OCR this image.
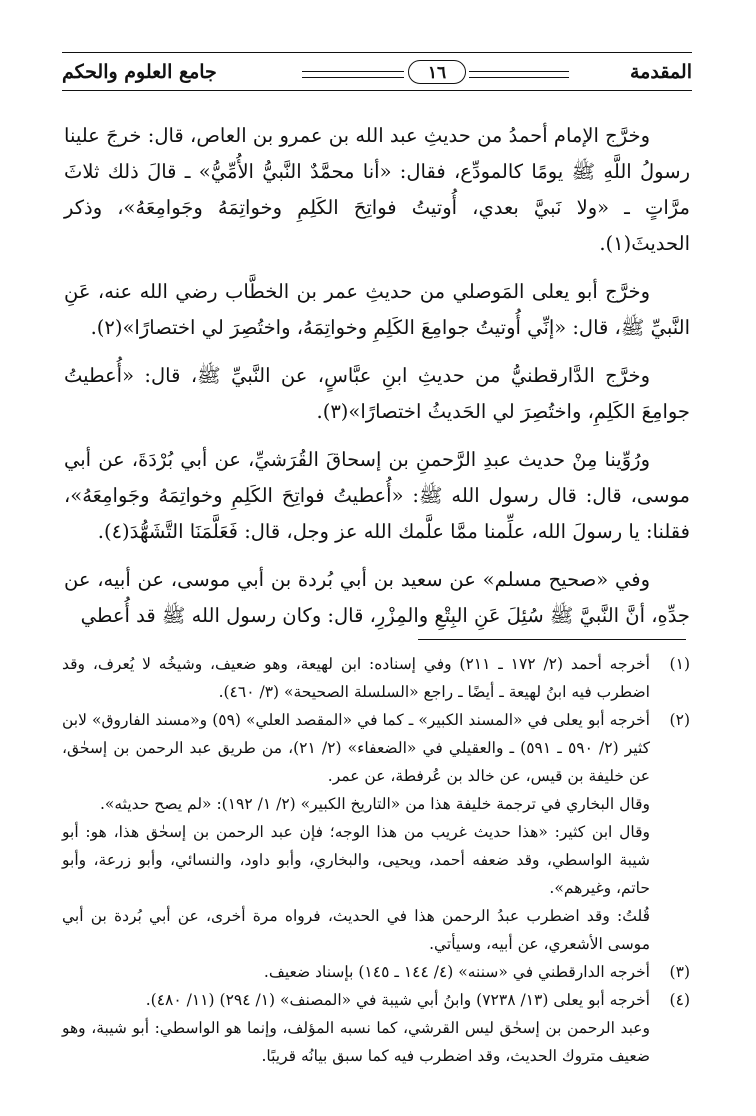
المقدمة
١٦
جامع العلوم والحكم

وخرَّج الإمام أحمدُ من حديثِ عبد الله بن عمرو بن العاص، قال: خرجَ علينا رسولُ اللَّهِ ﷺ يومًا كالمودِّع، فقال: «أنا محمَّدٌ النَّبيُّ الأُمِّيُّ» ـ قالَ ذلك ثلاثَ مرَّاتٍ ـ «ولا نَبيَّ بعدي، أُوتيتُ فواتِحَ الكَلِمِ وخواتِمَهُ وجَوامِعَهُ»، وذكر الحديثَ(١).

وخرَّج أبو يعلى المَوصلي من حديثِ عمر بن الخطَّاب رضي الله عنه، عَنِ النَّبيِّ ﷺ، قال: «إنِّي أُوتيتُ جوامِعَ الكَلِمِ وخواتِمَهُ، واختُصِرَ لي اختصارًا»(٢).

وخرَّج الدَّارقطنيُّ من حديثِ ابنِ عبَّاسٍ، عن النَّبيِّ ﷺ، قال: «أُعطيتُ جوامِعَ الكَلِمِ، واختُصِرَ لي الحَديثُ اختصارًا»(٣).

ورُوِّينا مِنْ حديث عبدِ الرَّحمنِ بن إسحاقَ القُرَشيِّ، عن أبي بُرْدَةَ، عن أبي موسى، قال: قال رسول الله ﷺ: «أُعطيتُ فواتِحَ الكَلِمِ وخواتِمَهُ وجَوامِعَهُ»، فقلنا: يا رسولَ الله، علِّمنا ممَّا علَّمك الله عز وجل، قال: فَعَلَّمَنَا التَّشَهُّدَ(٤).

وفي «صحيح مسلم» عن سعيد بن أبي بُردة بن أبي موسى، عن أبيه، عن جدِّهِ، أنَّ النَّبيَّ ﷺ سُئِلَ عَنِ البِتْعِ والمِزْرِ، قال: وكان رسول الله ﷺ قد أُعطي

(١)
أخرجه أحمد (٢/ ١٧٢ ـ ٢١١) وفي إسناده: ابن لهيعة، وهو ضعيف، وشيخُه لا يُعرف، وقد اضطرب فيه ابنُ لهيعة ـ أيضًا ـ راجع «السلسلة الصحيحة» (٣/ ٤٦٠).
(٢)
أخرجه أبو يعلى في «المسند الكبير» ـ كما في «المقصد العلي» (٥٩) و«مسند الفاروق» لابن كثير (٢/ ٥٩٠ ـ ٥٩١) ـ والعقيلي في «الضعفاء» (٢/ ٢١)، من طريق عبد الرحمن بن إسحٰق، عن خليفة بن قيس، عن خالد بن عُرفطة، عن عمر.
وقال البخاري في ترجمة خليفة هذا من «التاريخ الكبير» (٢/ ١/ ١٩٢): «لم يصح حديثه».
وقال ابن كثير: «هذا حديث غريب من هذا الوجه؛ فإن عبد الرحمن بن إسحٰق هذا، هو: أبو شيبة الواسطي، وقد ضعفه أحمد، ويحيى، والبخاري، وأبو داود، والنسائي، وأبو زرعة، وأبو حاتم، وغيرهم».
قُلتُ: وقد اضطرب عبدُ الرحمن هذا في الحديث، فرواه مرة أخرى، عن أبي بُردة بن أبي موسى الأشعري، عن أبيه، وسيأتي.
(٣)
أخرجه الدارقطني في «سننه» (٤/ ١٤٤ ـ ١٤٥) بإسناد ضعيف.
(٤)
أخرجه أبو يعلى (١٣/ ٧٢٣٨) وابنُ أبي شيبة في «المصنف» (١/ ٢٩٤) (١١/ ٤٨٠).
وعبد الرحمن بن إسحٰق ليس القرشي، كما نسبه المؤلف، وإنما هو الواسطي: أبو شيبة، وهو ضعيف متروك الحديث، وقد اضطرب فيه كما سبق بيانُه قريبًا.
